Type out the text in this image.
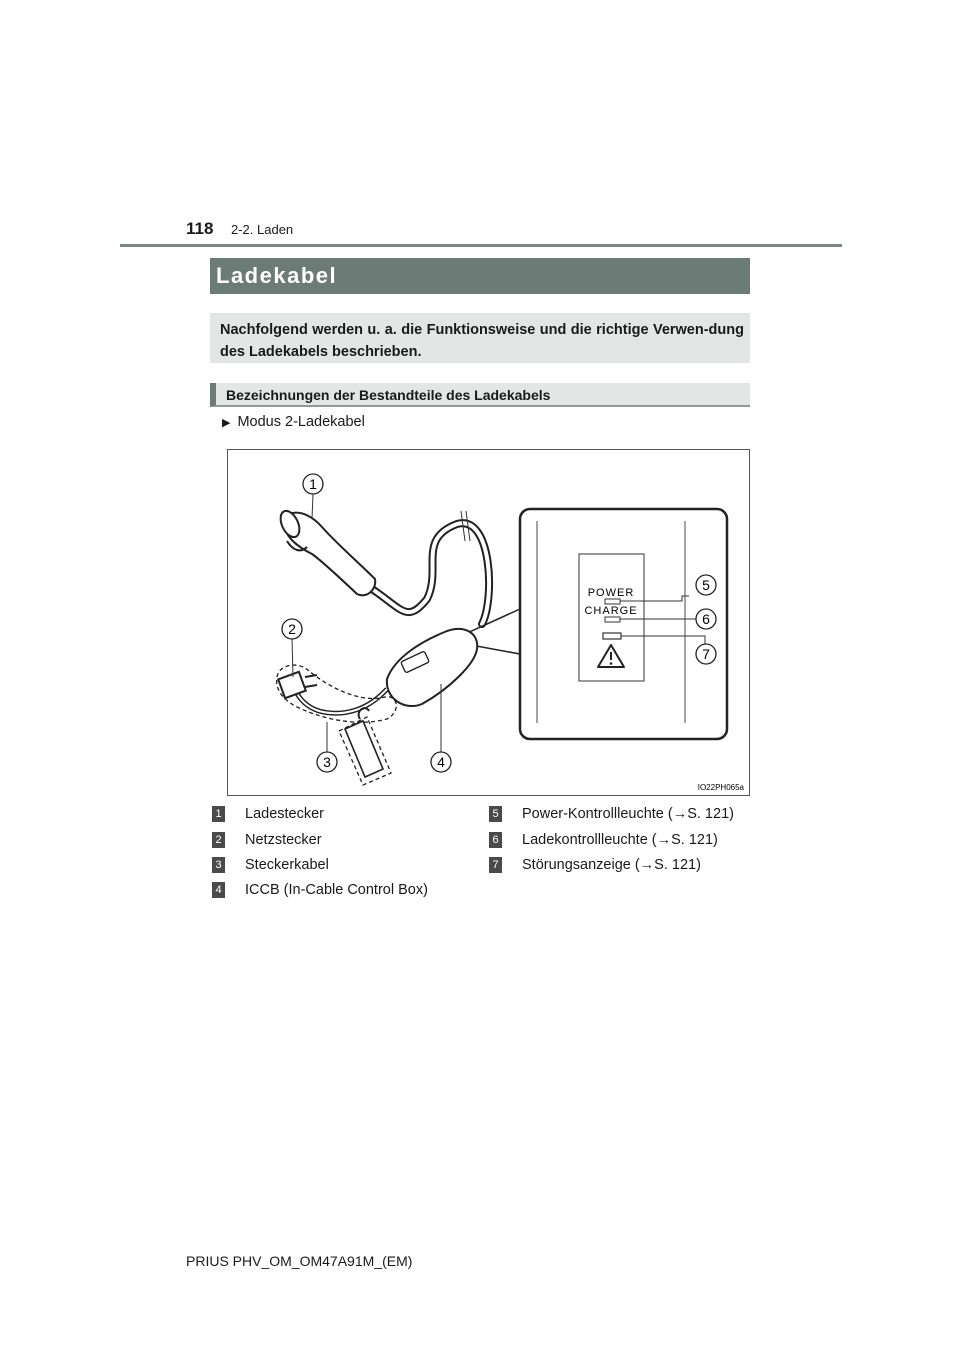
118 2-2. Laden
Ladekabel
Nachfolgend werden u. a. die Funktionsweise und die richtige Verwen-dung des Ladekabels beschrieben.
Bezeichnungen der Bestandteile des Ladekabels
▶ Modus 2-Ladekabel
POWER
CHARGE
1
2
3	4
5
6
7
IO22PH065a
1 Ladestecker
2 Netzstecker
3 Steckerkabel
4 ICCB (In-Cable Control Box)
5 Power-Kontrollleuchte (→S. 121)
6 Ladekontrollleuchte (→S. 121)
7 Störungsanzeige (→S. 121)
PRIUS PHV_OM_OM47A91M_(EM)
